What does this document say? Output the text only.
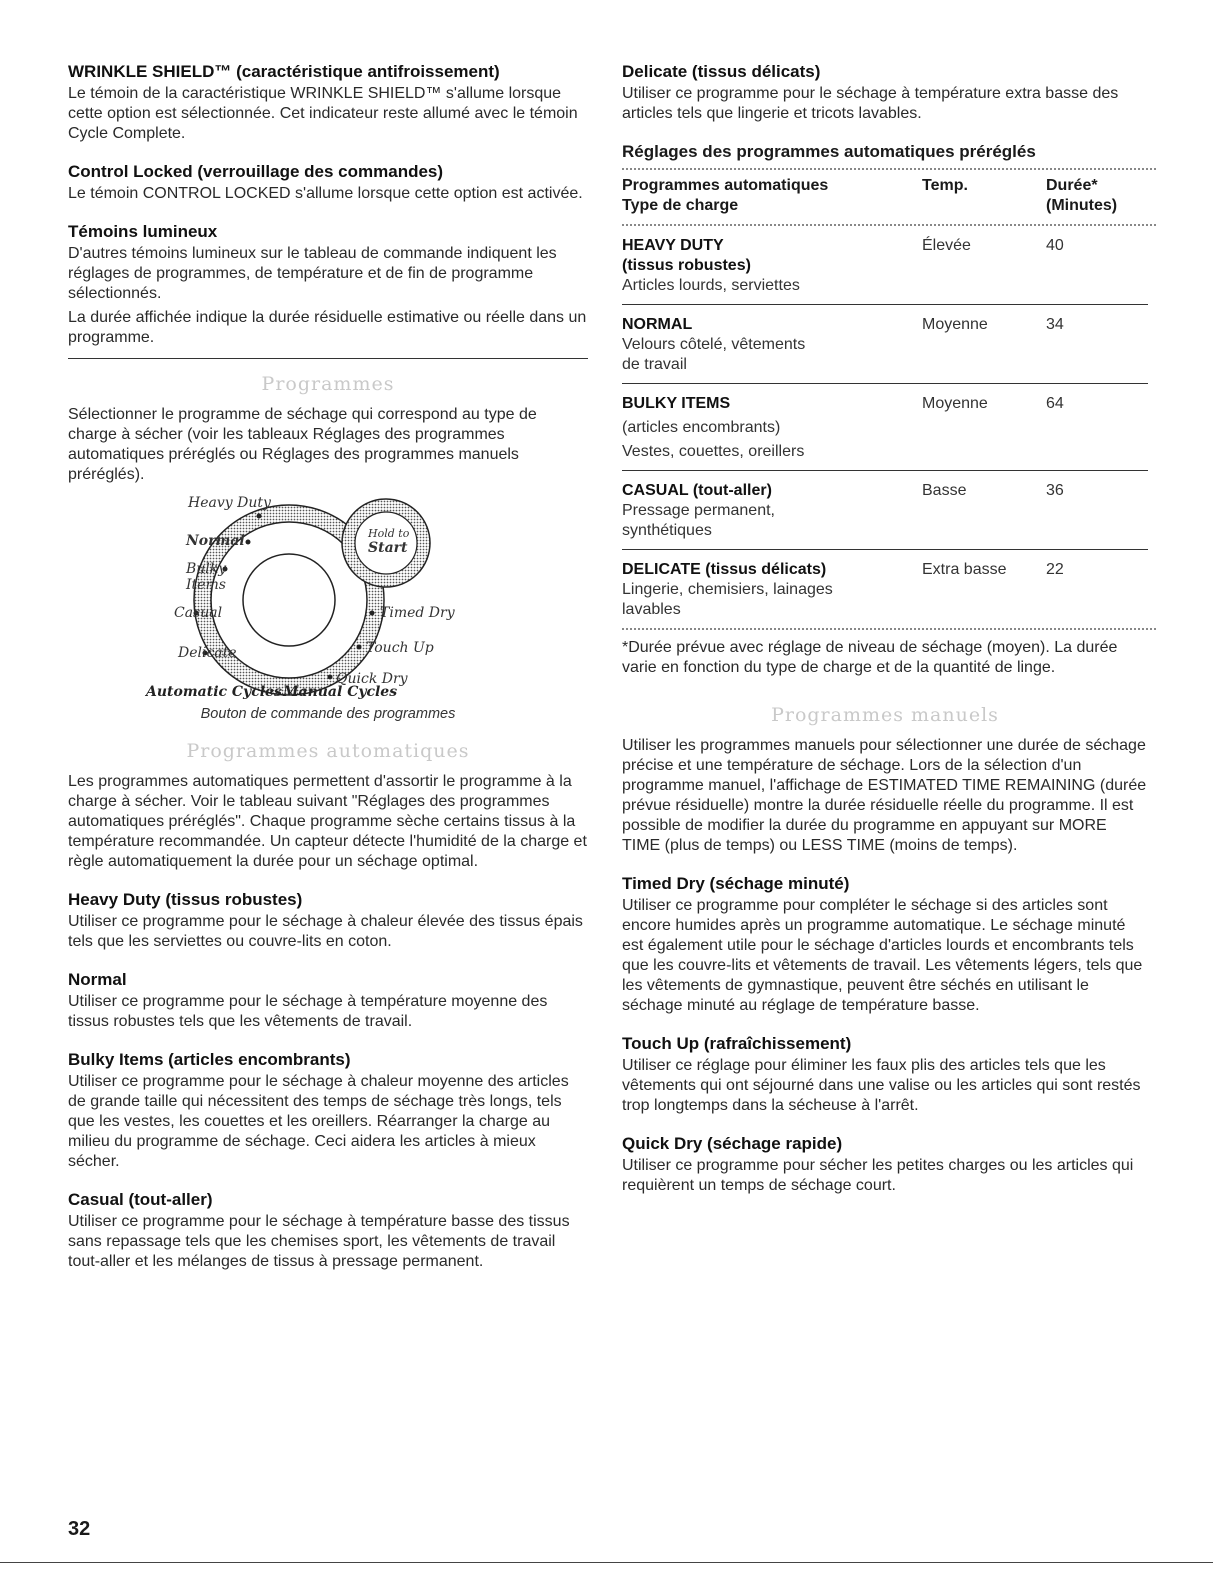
WRINKLE SHIELD™ (caractéristique antifroissement)

Le témoin de la caractéristique WRINKLE SHIELD™ s'allume lorsque cette option est sélectionnée. Cet indicateur reste allumé avec le témoin Cycle Complete.

Control Locked (verrouillage des commandes)

Le témoin CONTROL LOCKED s'allume lorsque cette option est activée.

Témoins lumineux

D'autres témoins lumineux sur le tableau de commande indiquent les réglages de programmes, de température et de fin de programme sélectionnés.

La durée affichée indique la durée résiduelle estimative ou réelle dans un programme.

Programmes

Sélectionner le programme de séchage qui correspond au type de charge à sécher (voir les tableaux Réglages des programmes automatiques préréglés ou Réglages des programmes manuels préréglés).

Heavy Duty
Normal
Bulky Items
Casual
Delicate
Timed Dry
Touch Up
Quick Dry
Hold to
Start
Automatic Cycles Manual Cycles
Bouton de commande des programmes
Programmes automatiques

Les programmes automatiques permettent d'assortir le programme à la charge à sécher. Voir le tableau suivant "Réglages des programmes automatiques préréglés". Chaque programme sèche certains tissus à la température recommandée. Un capteur détecte l'humidité de la charge et règle automatiquement la durée pour un séchage optimal.

Heavy Duty (tissus robustes)

Utiliser ce programme pour le séchage à chaleur élevée des tissus épais tels que les serviettes ou couvre-lits en coton.

Normal

Utiliser ce programme pour le séchage à température moyenne des tissus robustes tels que les vêtements de travail.

Bulky Items (articles encombrants)

Utiliser ce programme pour le séchage à chaleur moyenne des articles de grande taille qui nécessitent des temps de séchage très longs, tels que les vestes, les couettes et les oreillers. Réarranger la charge au milieu du programme de séchage. Ceci aidera les articles à mieux sécher.

Casual (tout-aller)

Utiliser ce programme pour le séchage à température basse des tissus sans repassage tels que les chemises sport, les vêtements de travail tout-aller et les mélanges de tissus à pressage permanent.

Delicate (tissus délicats)

Utiliser ce programme pour le séchage à température extra basse des articles tels que lingerie et tricots lavables.

Réglages des programmes automatiques préréglés

Programmes automatiques
Type de charge
Temp.	Durée*
(Minutes)
HEAVY DUTY
(tissus robustes)
Articles lourds, serviettes
Élevée	40
NORMAL
Velours côtelé, vêtements
de travail
Moyenne	34
BULKY ITEMS
(articles encombrants)
Vestes, couettes, oreillers
Moyenne	64
CASUAL (tout-aller)
Pressage permanent,
synthétiques
Basse	36
DELICATE (tissus délicats)
Lingerie, chemisiers, lainages
lavables
Extra basse	22

*Durée prévue avec réglage de niveau de séchage (moyen). La durée varie en fonction du type de charge et de la quantité de linge.

Programmes manuels

Utiliser les programmes manuels pour sélectionner une durée de séchage précise et une température de séchage. Lors de la sélection d'un programme manuel, l'affichage de ESTIMATED TIME REMAINING (durée prévue résiduelle) montre la durée résiduelle réelle du programme. Il est possible de modifier la durée du programme en appuyant sur MORE TIME (plus de temps) ou LESS TIME (moins de temps).

Timed Dry (séchage minuté)

Utiliser ce programme pour compléter le séchage si des articles sont encore humides après un programme automatique. Le séchage minuté est également utile pour le séchage d'articles lourds et encombrants tels que les couvre-lits et vêtements de travail. Les vêtements légers, tels que les vêtements de gymnastique, peuvent être séchés en utilisant le séchage minuté au réglage de température basse.

Touch Up (rafraîchissement)

Utiliser ce réglage pour éliminer les faux plis des articles tels que les vêtements qui ont séjourné dans une valise ou les articles qui sont restés trop longtemps dans la sécheuse à l'arrêt.

Quick Dry (séchage rapide)

Utiliser ce programme pour sécher les petites charges ou les articles qui requièrent un temps de séchage court.

32
